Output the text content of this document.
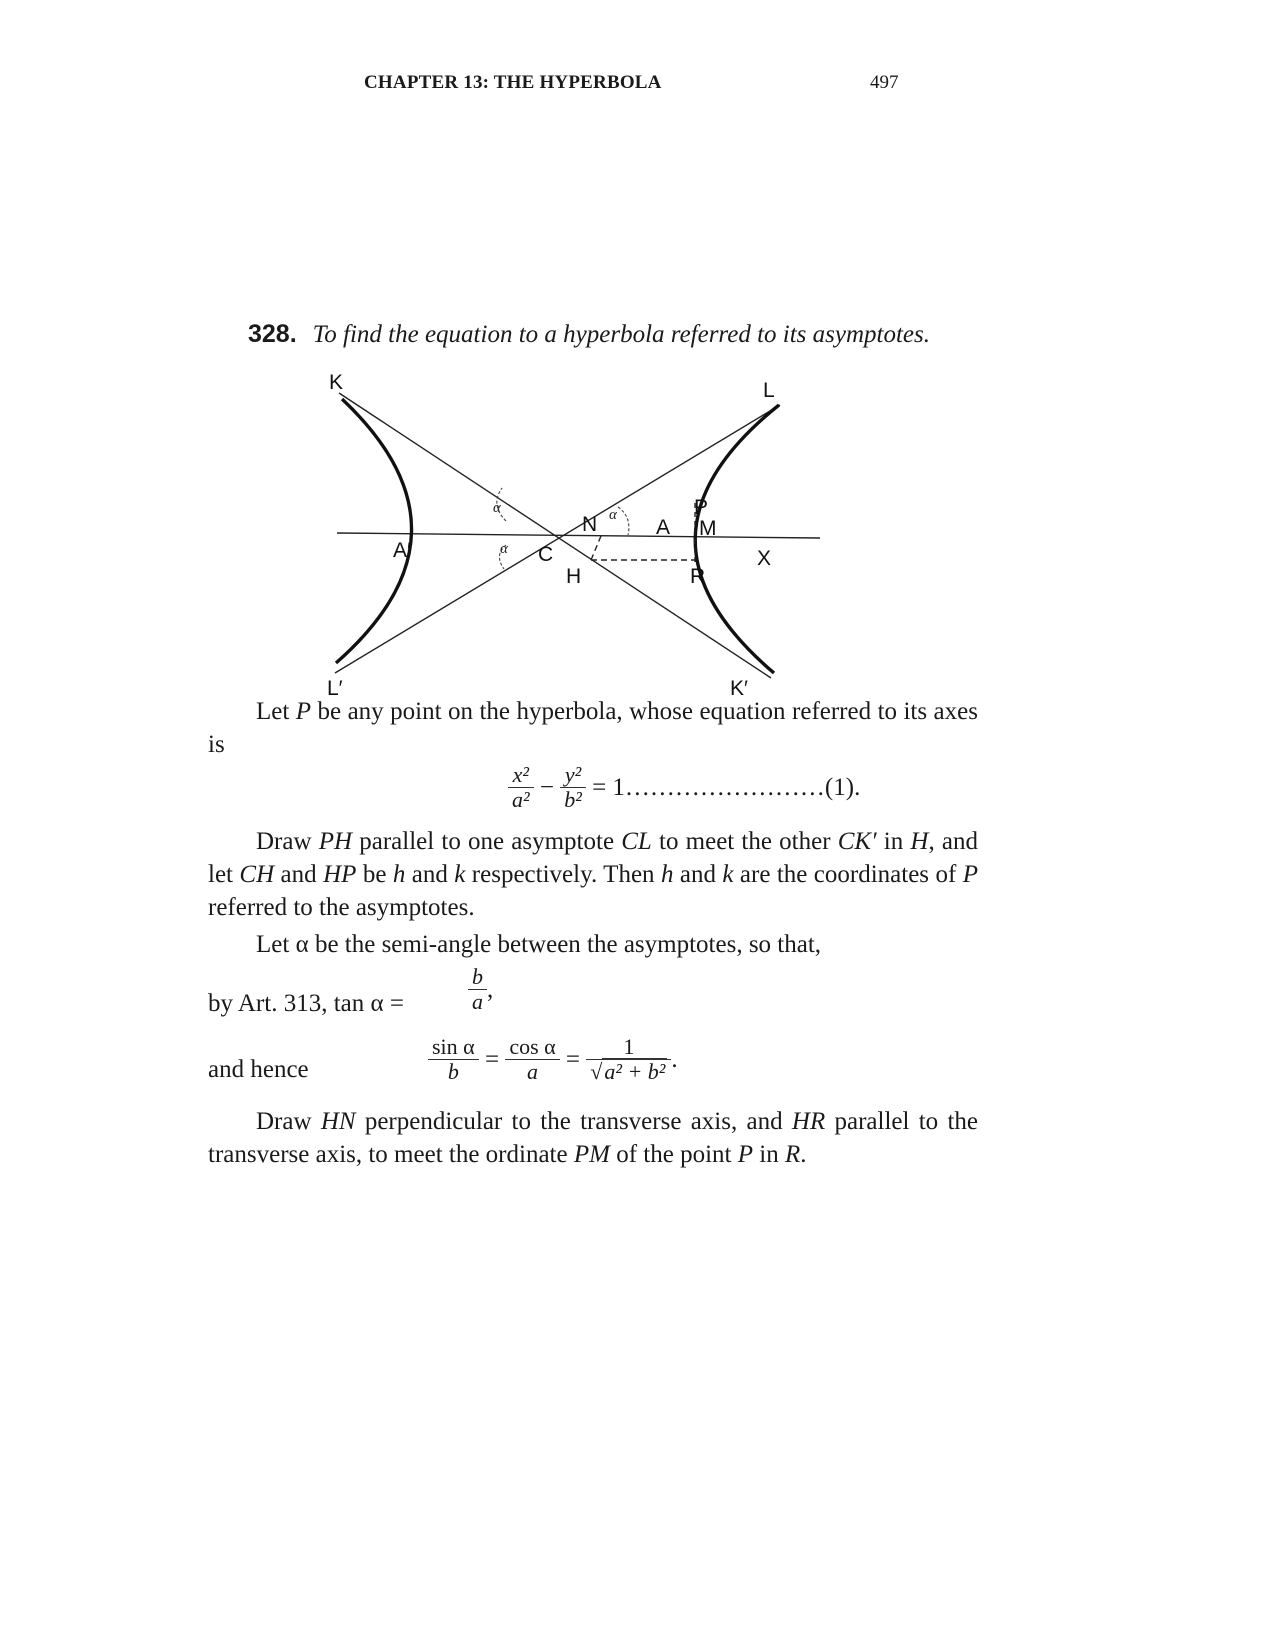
CHAPTER 13: THE HYPERBOLA	497

328. To find the equation to a hyperbola referred to its asymptotes.

K	L
L′	K′
A′
A
C
H
N
P
M
R
X
α
α
α

Let P be any point on the hyperbola, whose equation referred to its axes is

$\frac{\text{x²}}{\text{a²}} - \frac{\text{y²}}{\text{b²}}$ = 1……………………(1).

Draw PH parallel to one asymptote CL to meet the other CK′ in H, and let CH and HP be h and k respectively. Then h and k are the coordinates of P referred to the asymptotes.

Let α be the semi-angle between the asymptotes, so that,

by Art. 313, tan α =	$\frac{b}{a}$ ,
and hence	$\frac{\text{sin α}}{b} = \frac{\text{cos α}}{a} = \frac{1}{\text{√a² + b²}}$ .

Draw HN perpendicular to the transverse axis, and HR parallel to the transverse axis, to meet the ordinate PM of the point P in R.
